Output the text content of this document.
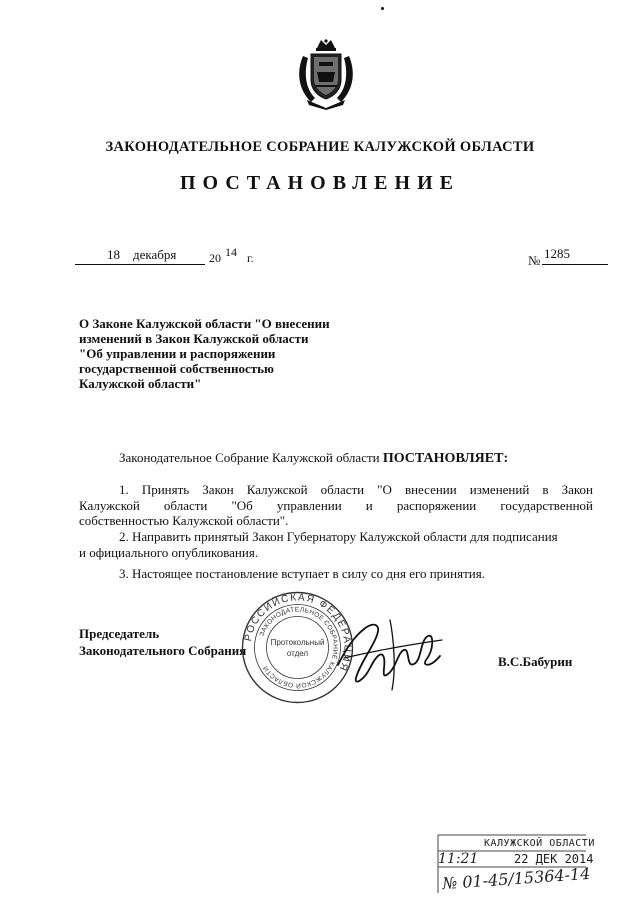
ЗАКОНОДАТЕЛЬНОЕ СОБРАНИЕ КАЛУЖСКОЙ ОБЛАСТИ
ПОСТАНОВЛЕНИЕ
18 декабря	20 14 г.	№ 1285
О Законе Калужской области "О внесении
изменений в Закон Калужской области
"Об управлении и распоряжении
государственной собственностью
Калужской области"
Законодательное Собрание Калужской области ПОСТАНОВЛЯЕТ:
1. Принять Закон Калужской области "О внесении изменений в Закон
Калужской области "Об управлении и распоряжении государственной
собственностью Калужской области".
2. Направить принятый Закон Губернатору Калужской области для подписания
и официального опубликования.
3. Настоящее постановление вступает в силу со дня его принятия.
Председатель
Законодательного Собрания
В.С.Бабурин
РОССИЙСКАЯ ФЕДЕРАЦИЯ
ЗАКОНОДАТЕЛЬНОЕ СОБРАНИЕ КАЛУЖСКОЙ ОБЛАСТИ
Протокольный
отдел
КАЛУЖСКОЙ ОБЛАСТИ
22 ДЕК 2014
11:21
№ 01-45/15364-14
